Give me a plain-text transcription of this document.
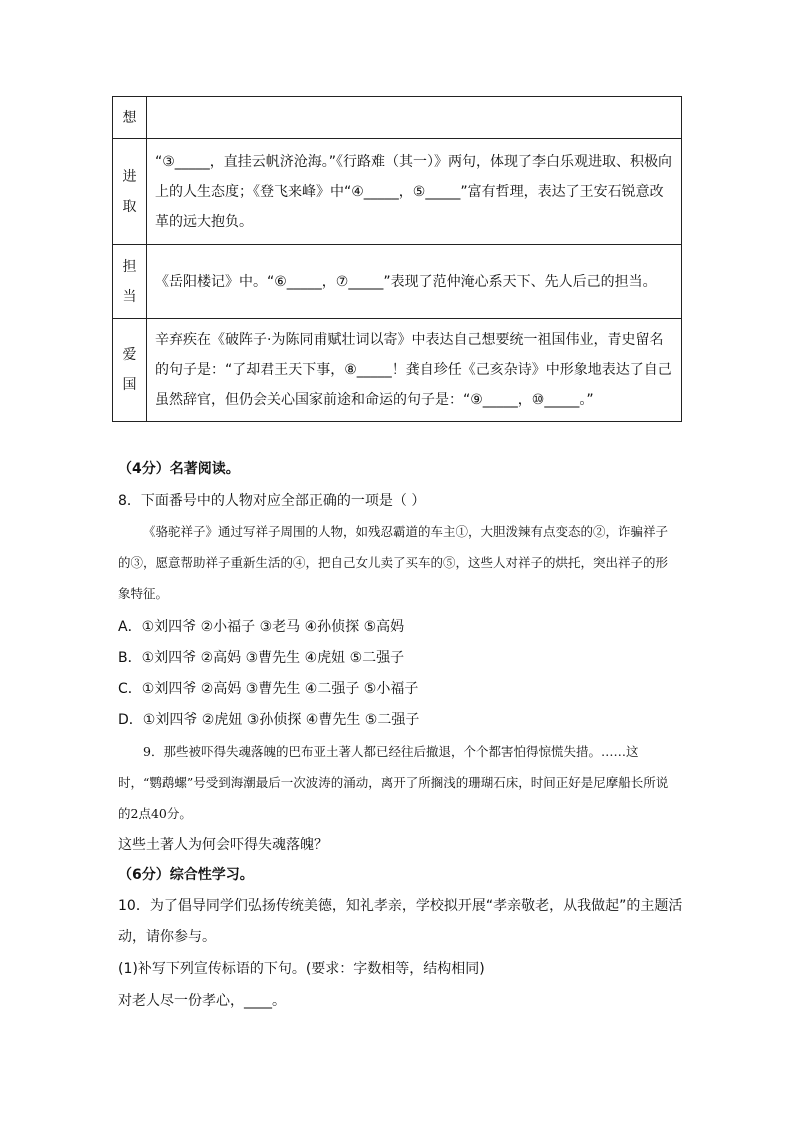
想	

进
取	“③_____，直挂云帆济沧海。”《行路难（其一）》两句，体现了李白乐观进取、积极向上的人生态度；《登飞来峰》中“④_____，⑤_____”富有哲理，表达了王安石锐意改革的远大抱负。

担
当	《岳阳楼记》中。“⑥_____，⑦_____”表现了范仲淹心系天下、先人后己的担当。

爱
国	辛弃疾在《破阵子·为陈同甫赋壮词以寄》中表达自己想要统一祖国伟业，青史留名的句子是：“了却君王天下事，⑧_____！龚自珍任《己亥杂诗》中形象地表达了自己虽然辞官，但仍会关心国家前途和命运的句子是：“⑨_____，⑩_____。”
（4分）名著阅读。
8．下面番号中的人物对应全部正确的一项是（ ）
《骆驼祥子》通过写祥子周围的人物，如残忍霸道的车主①，大胆泼辣有点变态的②，诈骗祥子的③，愿意帮助祥子重新生活的④，把自己女儿卖了买车的⑤，这些人对祥子的烘托，突出祥子的形象特征。
A．①刘四爷 ②小福子 ③老马 ④孙侦探 ⑤高妈
B．①刘四爷 ②高妈 ③曹先生 ④虎妞 ⑤二强子
C．①刘四爷 ②高妈 ③曹先生 ④二强子 ⑤小福子
D．①刘四爷 ②虎妞 ③孙侦探 ④曹先生 ⑤二强子
9．那些被吓得失魂落魄的巴布亚土著人都已经往后撤退，个个都害怕得惊慌失措。……这时，“鹦鹉螺”号受到海潮最后一次波涛的涌动，离开了所搁浅的珊瑚石床，时间正好是尼摩船长所说的2点40分。
这些土著人为何会吓得失魂落魄？
（6分）综合性学习。
10．为了倡导同学们弘扬传统美德，知礼孝亲，学校拟开展“孝亲敬老，从我做起”的主题活
动，请你参与。
(1)补写下列宣传标语的下句。(要求：字数相等，结构相同)
对老人尽一份孝心，____。
